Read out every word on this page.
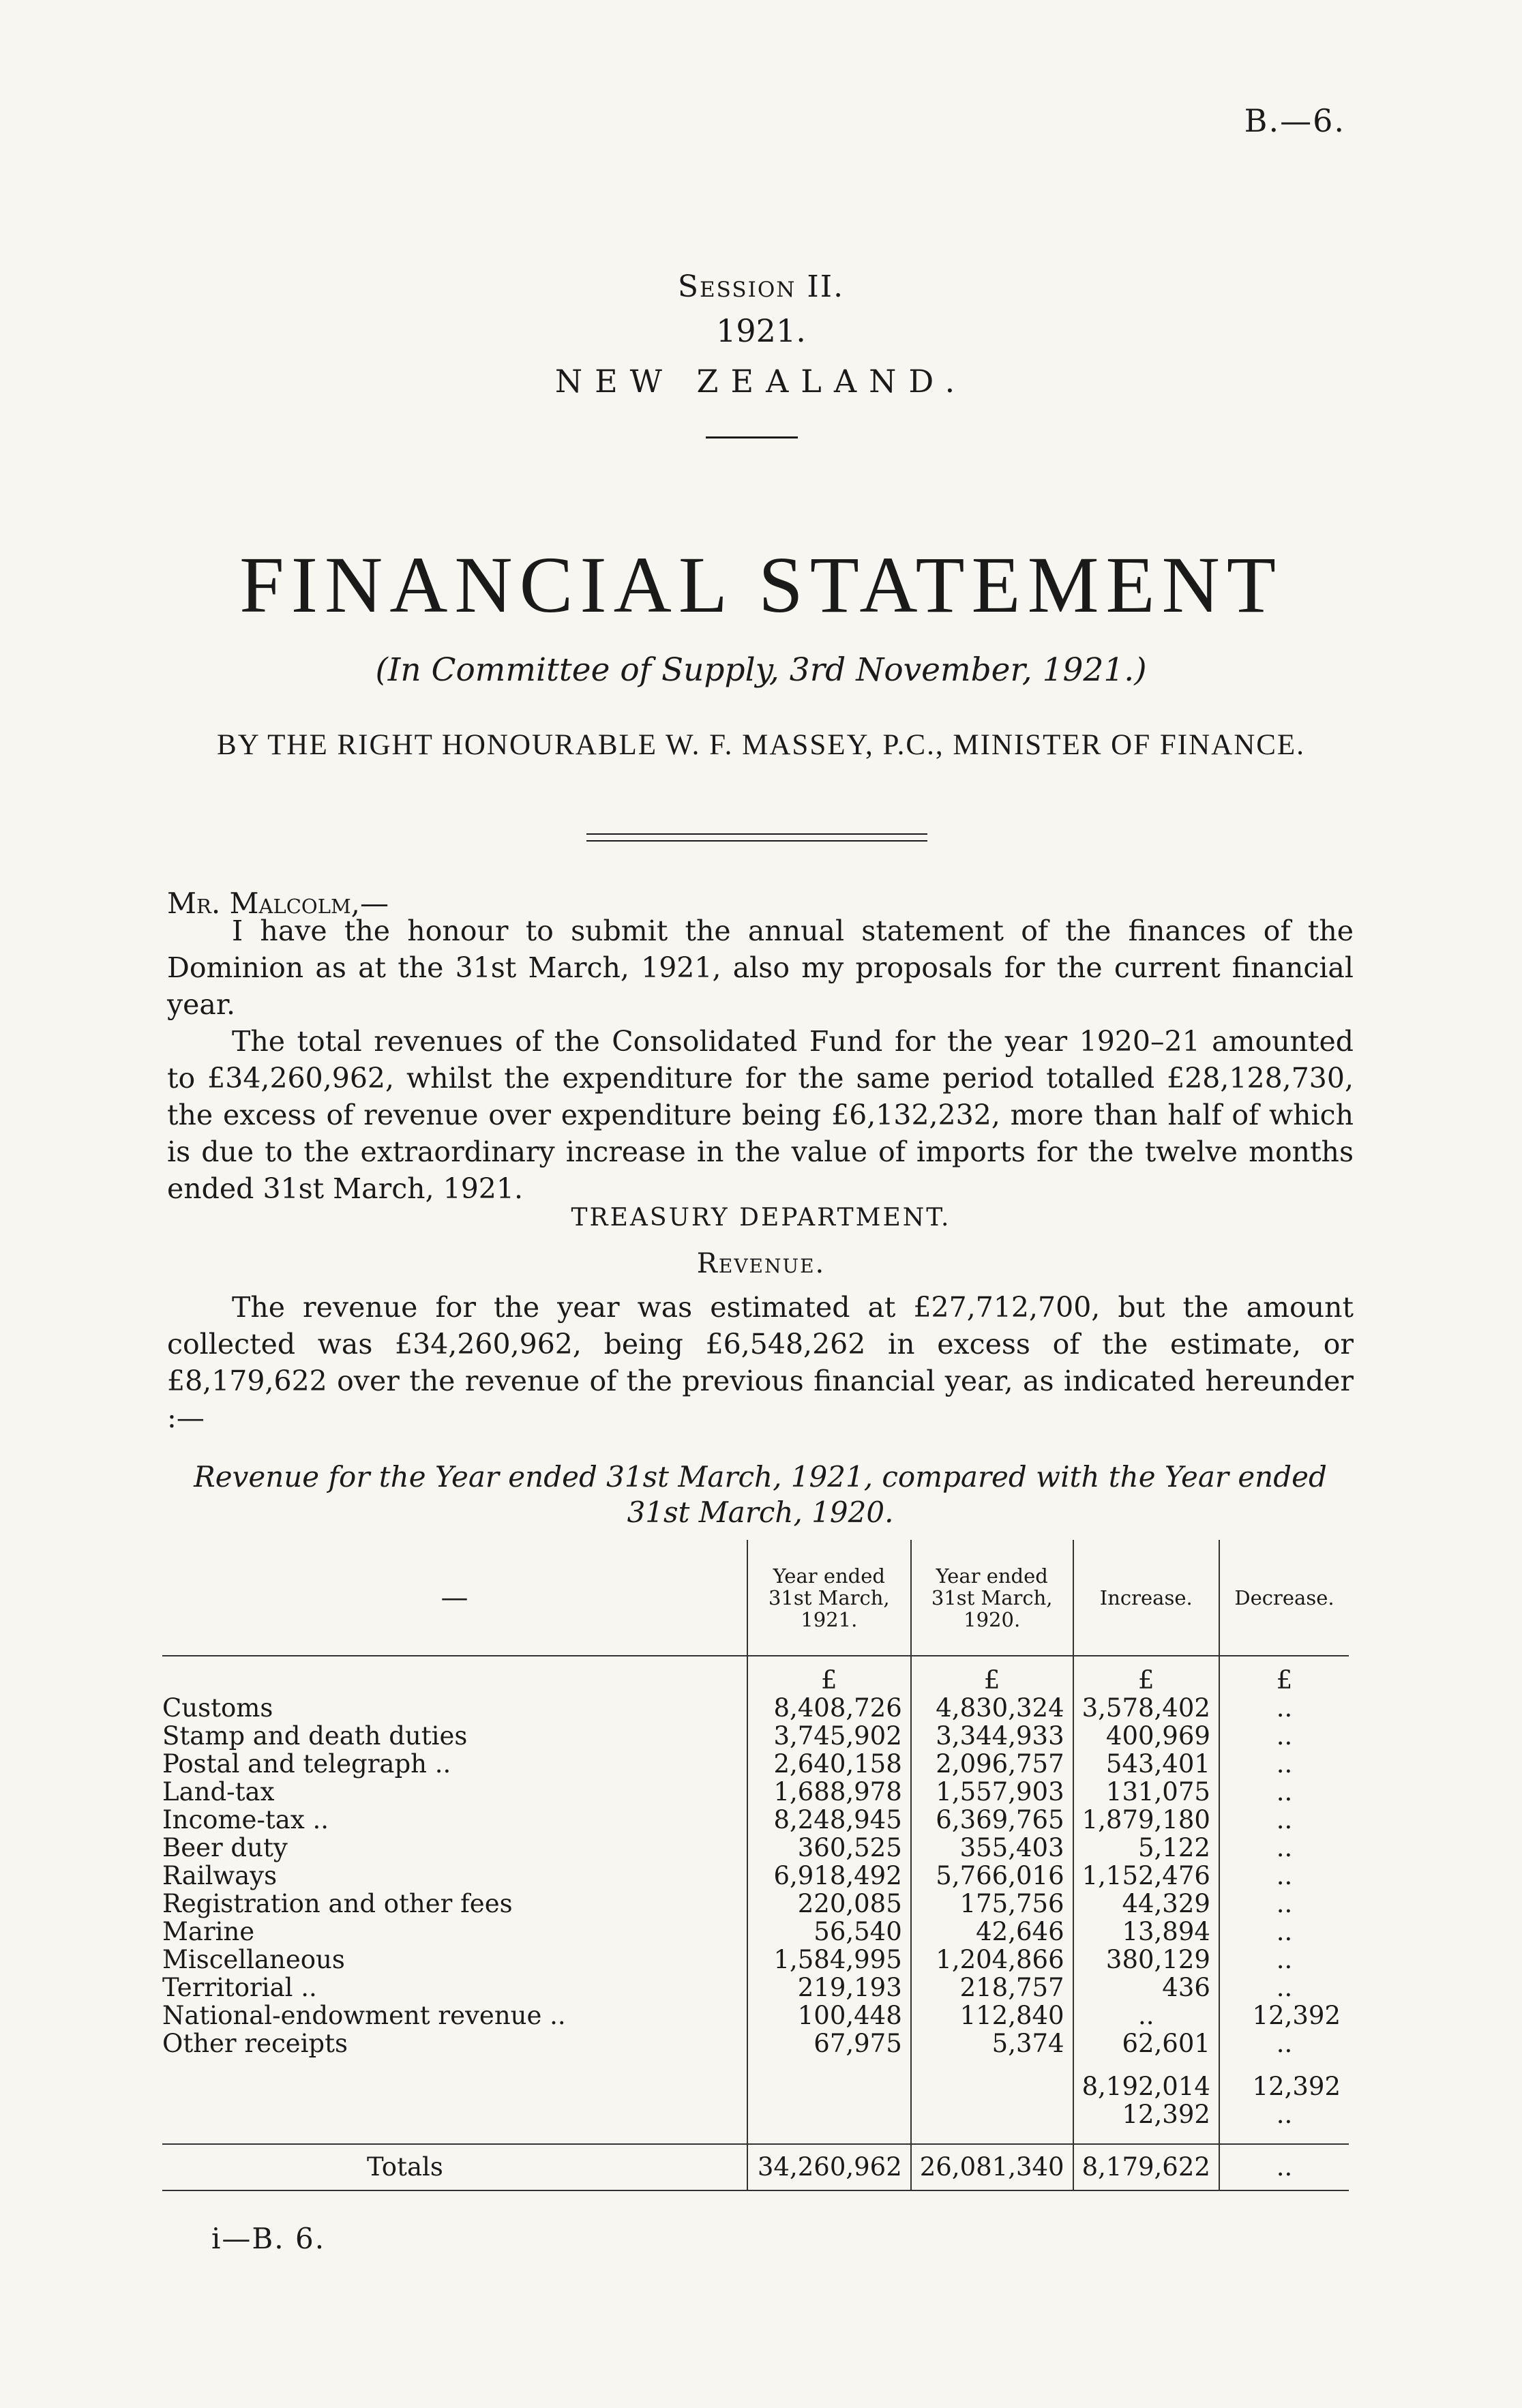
B.—6.
Session II.
1921.
NEW ZEALAND.
FINANCIAL STATEMENT
(In Committee of Supply, 3rd November, 1921.)
BY THE RIGHT HONOURABLE W. F. MASSEY, P.C., MINISTER OF FINANCE.
Mr. Malcolm,—

I have the honour to submit the annual statement of the finances of the Dominion as at the 31st March, 1921, also my proposals for the current financial year.

The total revenues of the Consolidated Fund for the year 1920–21 amounted to £34,260,962, whilst the expenditure for the same period totalled £28,128,730, the excess of revenue over expenditure being £6,132,232, more than half of which is due to the extraordinary increase in the value of imports for the twelve months ended 31st March, 1921.

TREASURY DEPARTMENT.
Revenue.

The revenue for the year was estimated at £27,712,700, but the amount collected was £34,260,962, being £6,548,262 in excess of the estimate, or £8,179,622 over the revenue of the previous financial year, as indicated hereunder :—

Revenue for the Year ended 31st March, 1921, compared with the Year ended 31st March, 1920.
—	Year ended 31st March, 1921.	Year ended 31st March, 1920.	Increase.	Decrease.

	£	£	£	£
Customs	8,408,726	4,830,324	3,578,402	..
Stamp and death duties	3,745,902	3,344,933	400,969	..
Postal and telegraph ..	2,640,158	2,096,757	543,401	..
Land-tax	1,688,978	1,557,903	131,075	..
Income-tax ..	8,248,945	6,369,765	1,879,180	..
Beer duty	360,525	355,403	5,122	..
Railways	6,918,492	5,766,016	1,152,476	..
Registration and other fees	220,085	175,756	44,329	..
Marine	56,540	42,646	13,894	..
Miscellaneous	1,584,995	1,204,866	380,129	..
Territorial ..	219,193	218,757	436	..
National-endowment revenue ..	100,448	112,840	..	12,392
Other receipts	67,975	5,374	62,601	..

			8,192,014	12,392
			12,392	..

Totals	34,260,962	26,081,340	8,179,622	..
i—B. 6.
